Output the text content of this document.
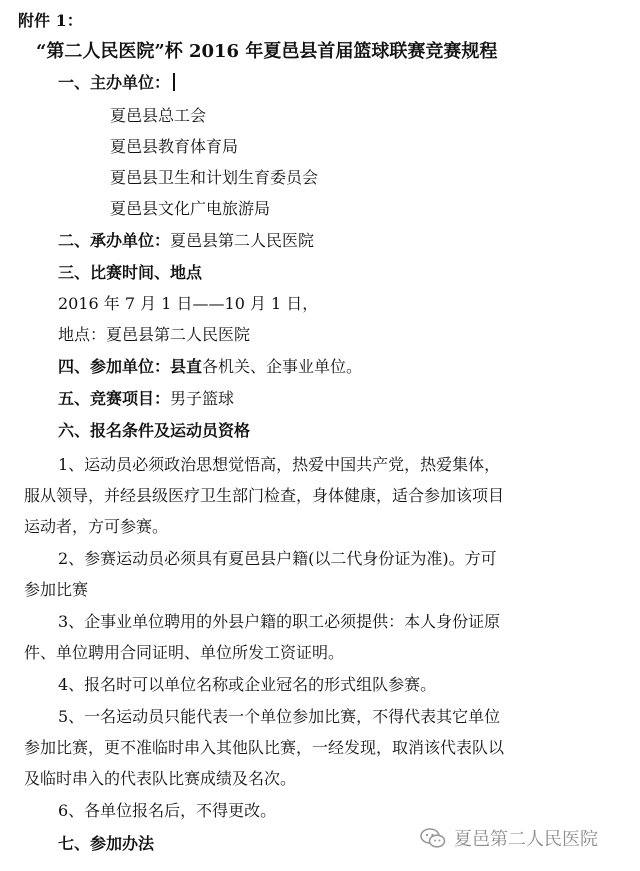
附件 1：
“第二人民医院”杯 2016 年夏邑县首届篮球联赛竞赛规程
一、主办单位：
夏邑县总工会
夏邑县教育体育局
夏邑县卫生和计划生育委员会
夏邑县文化广电旅游局
二、承办单位：夏邑县第二人民医院
三、比赛时间、地点
2016 年 7 月 1 日——10 月 1 日，
地点：夏邑县第二人民医院
四、参加单位：县直各机关、企事业单位。
五、竞赛项目：男子篮球
六、报名条件及运动员资格
1、运动员必须政治思想觉悟高，热爱中国共产党，热爱集体，
服从领导，并经县级医疗卫生部门检查，身体健康，适合参加该项目
运动者，方可参赛。
2、参赛运动员必须具有夏邑县户籍(以二代身份证为准)。方可
参加比赛
3、企事业单位聘用的外县户籍的职工必须提供：本人身份证原
件、单位聘用合同证明、单位所发工资证明。
4、报名时可以单位名称或企业冠名的形式组队参赛。
5、一名运动员只能代表一个单位参加比赛，不得代表其它单位
参加比赛，更不准临时串入其他队比赛，一经发现，取消该代表队以
及临时串入的代表队比赛成绩及名次。
6、各单位报名后，不得更改。
七、参加办法	夏邑第二人民医院
